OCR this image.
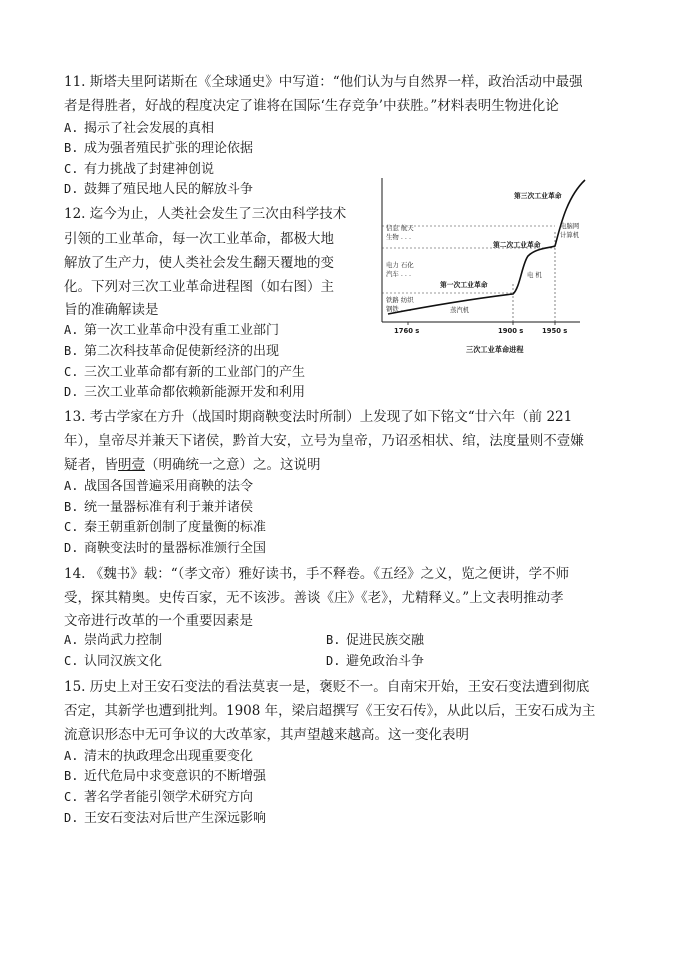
11. 斯塔夫里阿诺斯在《全球通史》中写道：“他们认为与自然界一样，政治活动中最强
者是得胜者，好战的程度决定了谁将在国际‘生存竞争’中获胜。”材料表明生物进化论
A. 揭示了社会发展的真相
B. 成为强者殖民扩张的理论依据
C. 有力挑战了封建神创说
D. 鼓舞了殖民地人民的解放斗争
12. 迄今为止，人类社会发生了三次由科学技术
引领的工业革命，每一次工业革命，都极大地
解放了生产力，使人类社会发生翻天覆地的变
化。下列对三次工业革命进程图（如右图）主
旨的准确解读是
A. 第一次工业革命中没有重工业部门
B. 第二次科技革命促使新经济的出现
C. 三次工业革命都有新的工业部门的产生
D. 三次工业革命都依赖新能源开发和利用
信息 航天
生物 . . .
电力 石化
汽车 . . .
铁路 纺织
钢铁 . . .
第一次工业革命
第二次工业革命
第三次工业革命
蒸汽机
电 机
电脑网
计算机
1760 s	1900 s	1950 s
三次工业革命进程
13. 考古学家在方升（战国时期商鞅变法时所制）上发现了如下铭文“廿六年（前 221
年），皇帝尽并兼天下诸侯，黔首大安，立号为皇帝，乃诏丞相状、绾，法度量则不壹嫌
疑者，皆明壹（明确统一之意）之。这说明
A. 战国各国普遍采用商鞅的法令
B. 统一量器标准有利于兼并诸侯
C. 秦王朝重新创制了度量衡的标准
D. 商鞅变法时的量器标准颁行全国
14. 《魏书》载：“（孝文帝）雅好读书，手不释卷。《五经》之义，览之便讲，学不师
受，探其精奥。史传百家，无不该涉。善谈《庄》《老》，尤精释义。”上文表明推动孝
文帝进行改革的一个重要因素是
A. 崇尚武力控制	B. 促进民族交融
C. 认同汉族文化	D. 避免政治斗争
15. 历史上对王安石变法的看法莫衷一是，褒贬不一。自南宋开始，王安石变法遭到彻底
否定，其新学也遭到批判。1908 年，梁启超撰写《王安石传》，从此以后，王安石成为主
流意识形态中无可争议的大改革家，其声望越来越高。这一变化表明
A. 清末的执政理念出现重要变化
B. 近代危局中求变意识的不断增强
C. 著名学者能引领学术研究方向
D. 王安石变法对后世产生深远影响
